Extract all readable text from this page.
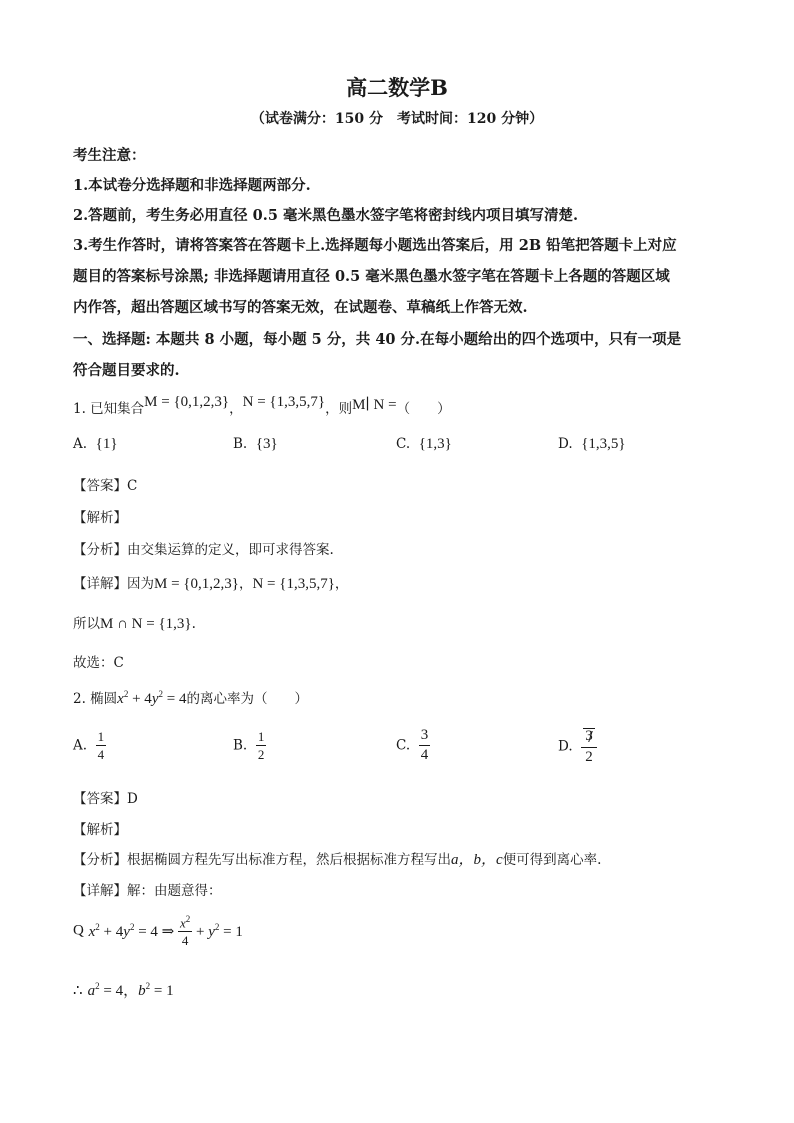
高二数学B
（试卷满分：150 分　考试时间：120 分钟）
考生注意：
1.本试卷分选择题和非选择题两部分.
2.答题前，考生务必用直径 0.5 毫米黑色墨水签字笔将密封线内项目填写清楚.
3.考生作答时，请将答案答在答题卡上.选择题每小题选出答案后，用 2B 铅笔把答题卡上对应
题目的答案标号涂黑; 非选择题请用直径 0.5 毫米黑色墨水签字笔在答题卡上各题的答题区域
内作答，超出答题区域书写的答案无效，在试题卷、草稿纸上作答无效.
一、选择题: 本题共 8 小题，每小题 5 分，共 40 分.在每小题给出的四个选项中，只有一项是
符合题目要求的.
1. 已知集合M = {0,1,2,3}，N = {1,3,5,7}，则M∣ N =（　　）
A. {1}	B. {3}	C. {1,3}	D. {1,3,5}
【答案】C
【解析】
【分析】由交集运算的定义，即可求得答案.
【详解】因为M = {0,1,2,3}，N = {1,3,5,7}，
所以M ∩ N = {1,3}.
故选：C
2. 椭圆$x^2 + 4y^2 = 4$的离心率为（　　）
A. $\frac{1}{4}$	B. $\frac{1}{2}$	C. $\frac{3}{4}$	D. $\frac{3}{2}$
【答案】D
【解析】
【分析】根据椭圆方程先写出标准方程，然后根据标准方程写出a，b，c便可得到离心率.
【详解】解：由题意得：
Q $x^2 + 4y^2 = 4$ ⇒ $\frac{x^2}{4} + y^2 = 1$
∴ $a^2 = 4$，$b^2 = 1$
